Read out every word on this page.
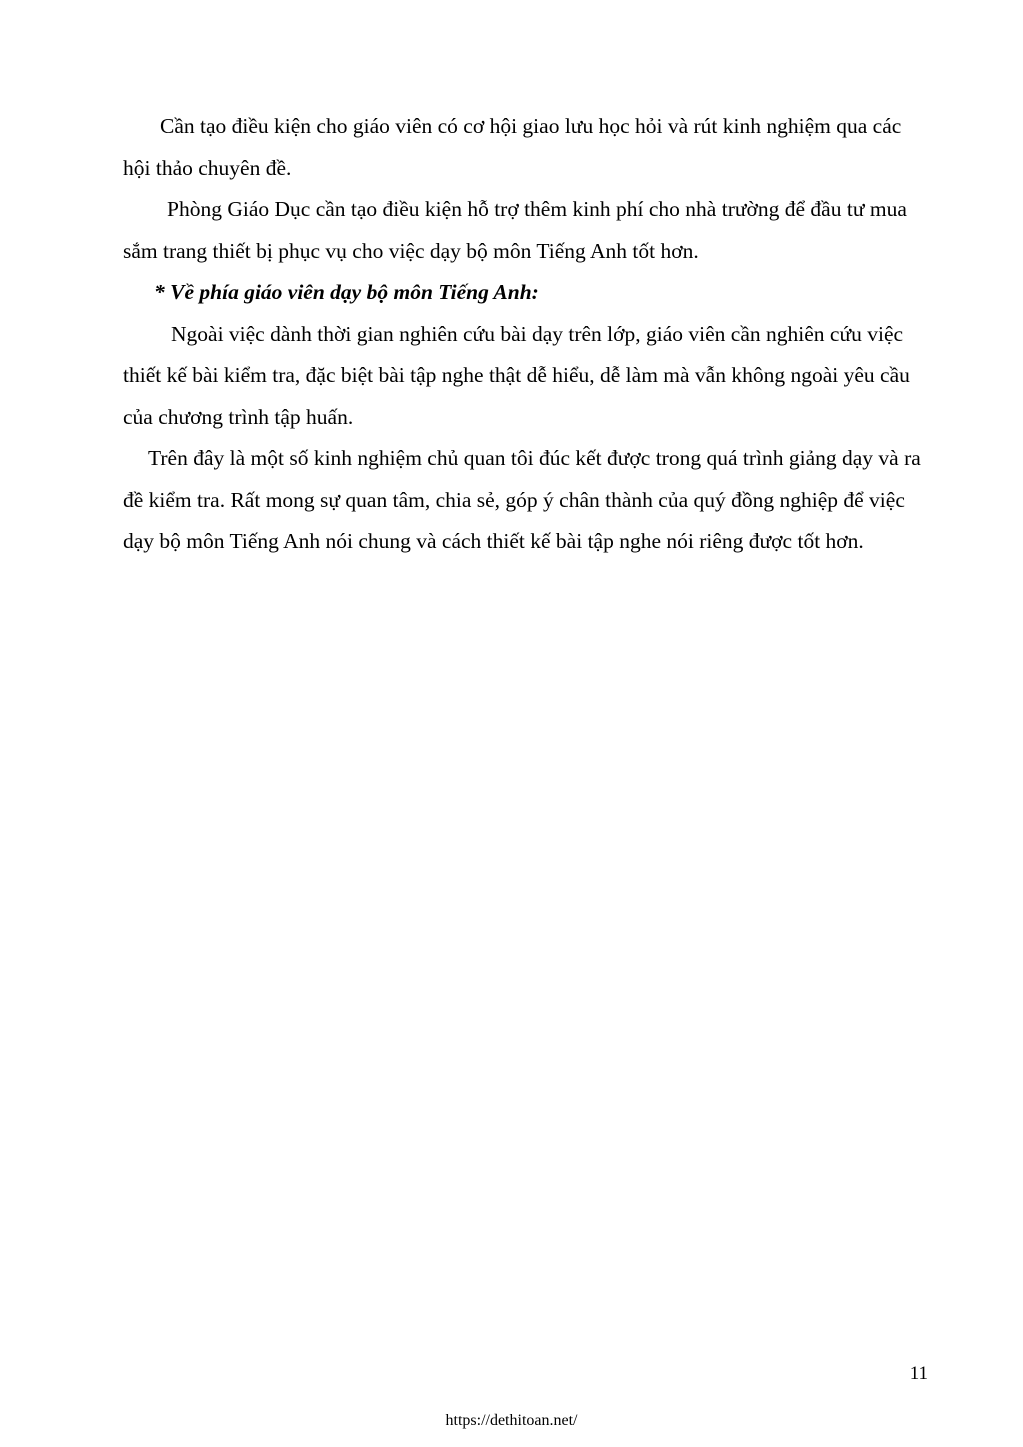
Cần tạo điều kiện cho giáo viên có cơ hội giao lưu học hỏi và rút kinh nghiệm qua các hội thảo chuyên đề.

Phòng Giáo Dục cần tạo điều kiện hỗ trợ thêm kinh phí cho nhà trường để đầu tư mua sắm trang thiết bị phục vụ cho việc dạy bộ môn Tiếng Anh tốt hơn.

* Về phía giáo viên dạy bộ môn Tiếng Anh:

Ngoài việc dành thời gian nghiên cứu bài dạy trên lớp, giáo viên cần nghiên cứu việc thiết kế bài kiểm tra, đặc biệt bài tập nghe thật dễ hiểu, dễ làm mà vẫn không ngoài yêu cầu của chương trình tập huấn.

Trên đây là một số kinh nghiệm chủ quan tôi đúc kết được trong quá trình giảng dạy và ra đề kiểm tra. Rất mong sự quan tâm, chia sẻ, góp ý chân thành của quý đồng nghiệp để việc dạy bộ môn Tiếng Anh nói chung và cách thiết kế bài tập nghe nói riêng được tốt hơn.

11
https://dethitoan.net/
